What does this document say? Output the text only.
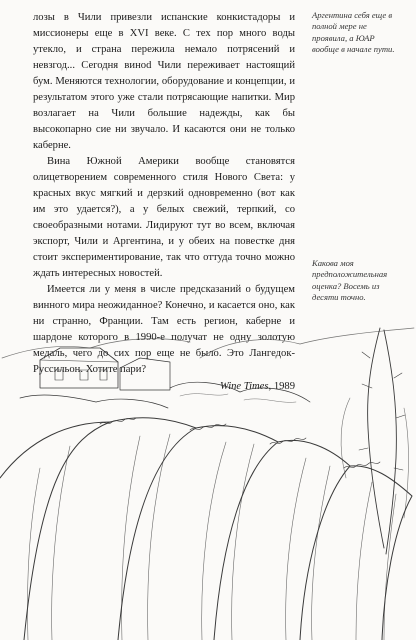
лозы в Чили привезли испанские конкистадоры и миссионеры еще в XVI веке. С тех пор много воды утекло, и страна пережила немало потрясений и невзгод... Сегодня винod Чили переживает настоящий бум. Меняются технологии, оборудование и концепции, и результатом этого уже стали потрясающие напитки. Мир возлагает на Чили большие надежды, как бы высокопарно сие ни звучало. И касаются они не только каберне.

Вина Южной Америки вообще становятся олицетворением современного стиля Нового Света: у красных вкус мягкий и дерзкий одновременно (вот как им это удается?), а у белых свежий, терпкий, со своеобразными нотами. Лидируют тут во всем, включая экспорт, Чили и Аргентина, и у обеих на повестке дня стоит экспериментирование, так что оттуда точно можно ждать интересных новостей.

Имеется ли у меня в числе предсказаний о будущем винного мира неожиданное? Конечно, и касается оно, как ни странно, Франции. Там есть регион, каберне и шардоне которого в 1990-е получат не одну золотую медаль, чего до сих пор еще не было. Это Лангедок-Руссильон. Хотите пари?

Wine Times, 1989
Аргентина себя еще в полной мере не проявила, а ЮАР вообще в начале пути.
Какова моя предположительная оценка? Восемь из десяти точно.
